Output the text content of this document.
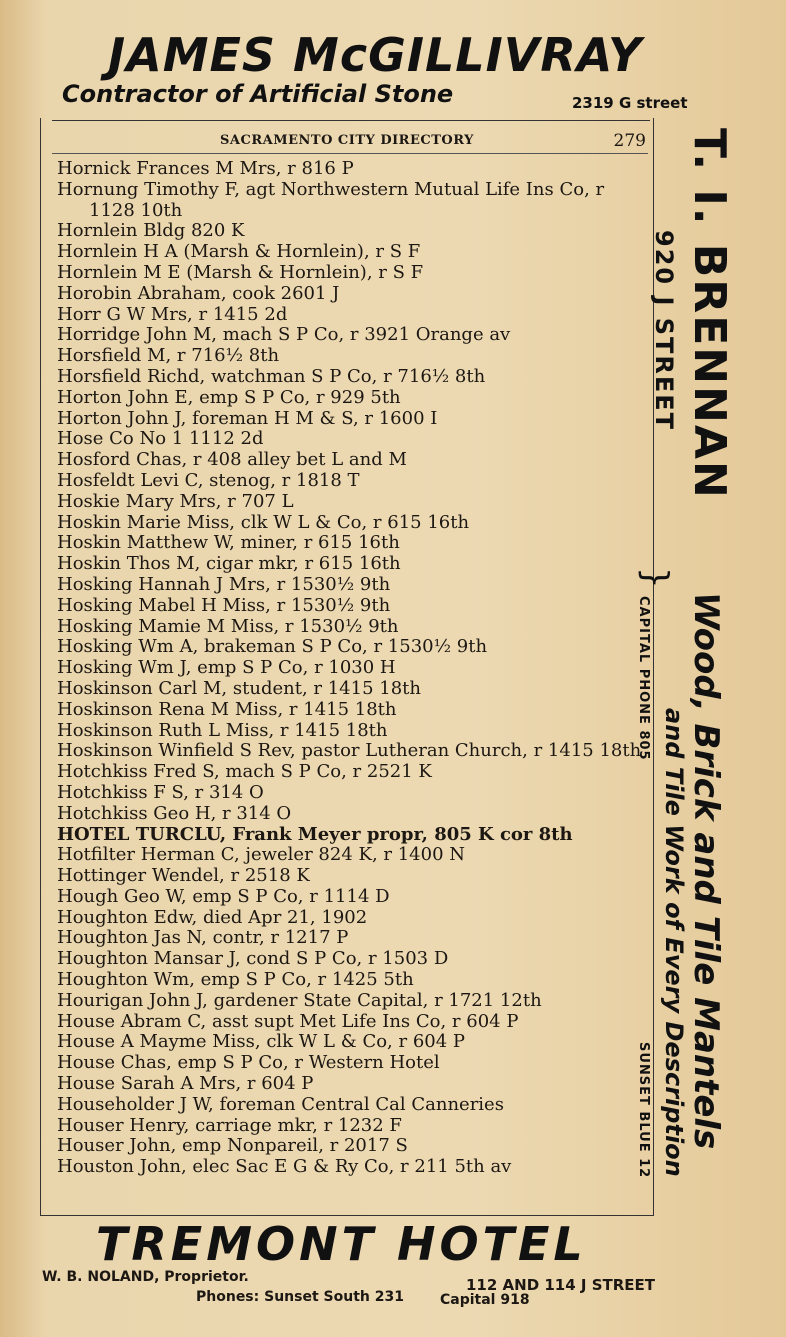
JAMES McGILLIVRAY
Contractor of Artificial Stone	2319 G street
SACRAMENTO CITY DIRECTORY	279
Hornick Frances M Mrs, r 816 P
Hornung Timothy F, agt Northwestern Mutual Life Ins Co, r 1128 10th
Hornlein Bldg 820 K
Hornlein H A (Marsh & Hornlein), r S F
Hornlein M E (Marsh & Hornlein), r S F
Horobin Abraham, cook 2601 J
Horr G W Mrs, r 1415 2d
Horridge John M, mach S P Co, r 3921 Orange av
Horsfield M, r 716½ 8th
Horsfield Richd, watchman S P Co, r 716½ 8th
Horton John E, emp S P Co, r 929 5th
Horton John J, foreman H M & S, r 1600 I
Hose Co No 1 1112 2d
Hosford Chas, r 408 alley bet L and M
Hosfeldt Levi C, stenog, r 1818 T
Hoskie Mary Mrs, r 707 L
Hoskin Marie Miss, clk W L & Co, r 615 16th
Hoskin Matthew W, miner, r 615 16th
Hoskin Thos M, cigar mkr, r 615 16th
Hosking Hannah J Mrs, r 1530½ 9th
Hosking Mabel H Miss, r 1530½ 9th
Hosking Mamie M Miss, r 1530½ 9th
Hosking Wm A, brakeman S P Co, r 1530½ 9th
Hosking Wm J, emp S P Co, r 1030 H
Hoskinson Carl M, student, r 1415 18th
Hoskinson Rena M Miss, r 1415 18th
Hoskinson Ruth L Miss, r 1415 18th
Hoskinson Winfield S Rev, pastor Lutheran Church, r 1415 18th
Hotchkiss Fred S, mach S P Co, r 2521 K
Hotchkiss F S, r 314 O
Hotchkiss Geo H, r 314 O
HOTEL TURCLU, Frank Meyer propr, 805 K cor 8th
Hotfilter Herman C, jeweler 824 K, r 1400 N
Hottinger Wendel, r 2518 K
Hough Geo W, emp S P Co, r 1114 D
Houghton Edw, died Apr 21, 1902
Houghton Jas N, contr, r 1217 P
Houghton Mansar J, cond S P Co, r 1503 D
Houghton Wm, emp S P Co, r 1425 5th
Hourigan John J, gardener State Capital, r 1721 12th
House Abram C, asst supt Met Life Ins Co, r 604 P
House A Mayme Miss, clk W L & Co, r 604 P
House Chas, emp S P Co, r Western Hotel
House Sarah A Mrs, r 604 P
Householder J W, foreman Central Cal Canneries
Houser Henry, carriage mkr, r 1232 F
Houser John, emp Nonpareil, r 2017 S
Houston John, elec Sac E G & Ry Co, r 211 5th av
T. I. BRENNAN
920 J STREET
CAPITAL PHONE 805
SUNSET BLUE 12 Wood, Brick and Tile Mantels
and Tile Work of Every Description
}
TREMONT HOTEL
W. B. NOLAND, Proprietor.
Phones: Sunset South 231
112 AND 114 J STREET
Capital 918
